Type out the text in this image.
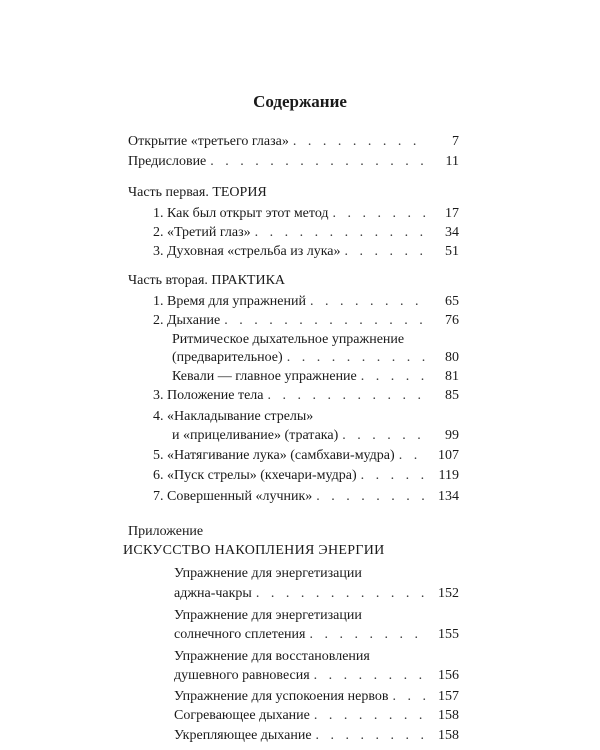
Содержание
Открытие «третьего глаза» . . .	7
Предисловие . . .	11
Часть первая. ТЕОРИЯ
1. Как был открыт этот метод . . .	17
2. «Третий глаз» . . .	34
3. Духовная «стрельба из лука» . . .	51
Часть вторая. ПРАКТИКА
1. Время для упражнений . . .	65
2. Дыхание . . .	76
Ритмическое дыхательное упражнение
(предварительное) . . .	80
Кевали — главное упражнение . . .	81
3. Положение тела . . .	85
4. «Накладывание стрелы»
и «прицеливание» (тратака) . . .	99
5. «Натягивание лука» (самбхави-мудра) . . .	107
6. «Пуск стрелы» (кхечари-мудра) . . .	119
7. Совершенный «лучник» . . .	134
Приложение
ИСКУССТВО НАКОПЛЕНИЯ ЭНЕРГИИ
Упражнение для энергетизации
аджна-чакры . . .	152
Упражнение для энергетизации
солнечного сплетения . . .	155
Упражнение для восстановления
душевного равновесия . . .	156
Упражнение для успокоения нервов . . .	157
Согревающее дыхание . . .	158
Укрепляющее дыхание . . .	158
